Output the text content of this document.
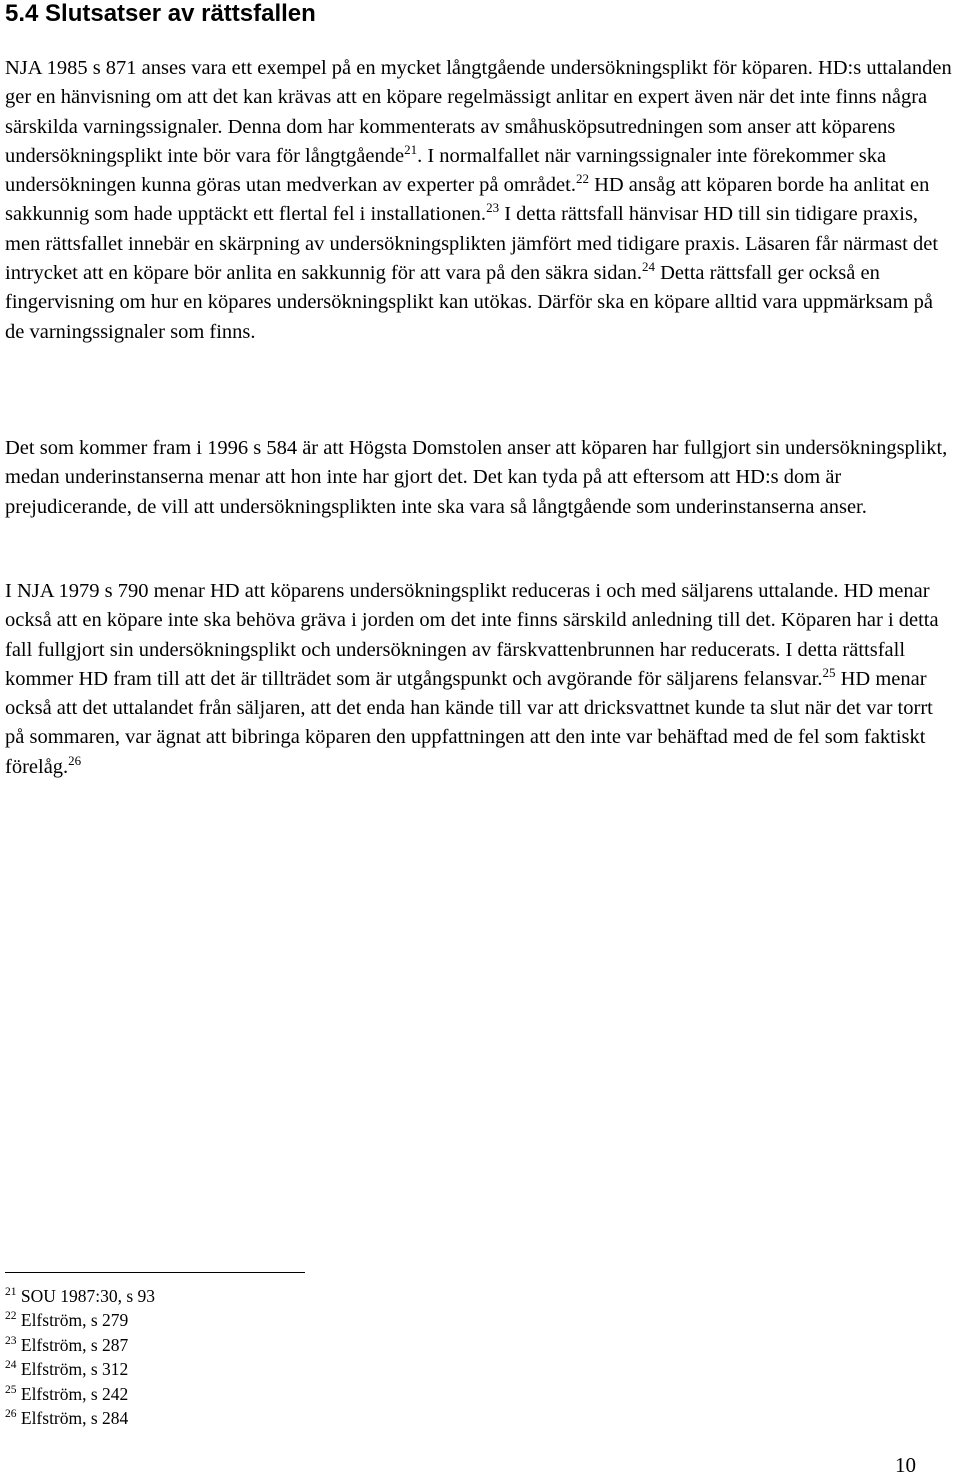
5.4 Slutsatser av rättsfallen

NJA 1985 s 871 anses vara ett exempel på en mycket långtgående undersökningsplikt för köparen. HD:s uttalanden ger en hänvisning om att det kan krävas att en köpare regelmässigt anlitar en expert även när det inte finns några särskilda varningssignaler. Denna dom har kommenterats av småhusköpsutredningen som anser att köparens undersökningsplikt inte bör vara för långtgående$^{21}$. I normalfallet när varningssignaler inte förekommer ska undersökningen kunna göras utan medverkan av experter på området.$^{22}$ HD ansåg att köparen borde ha anlitat en sakkunnig som hade upptäckt ett flertal fel i installationen.$^{23}$ I detta rättsfall hänvisar HD till sin tidigare praxis, men rättsfallet innebär en skärpning av undersökningsplikten jämfört med tidigare praxis. Läsaren får närmast det intrycket att en köpare bör anlita en sakkunnig för att vara på den säkra sidan.$^{24}$ Detta rättsfall ger också en fingervisning om hur en köpares undersökningsplikt kan utökas. Därför ska en köpare alltid vara uppmärksam på de varningssignaler som finns.

Det som kommer fram i 1996 s 584 är att Högsta Domstolen anser att köparen har fullgjort sin undersökningsplikt, medan underinstanserna menar att hon inte har gjort det. Det kan tyda på att eftersom att HD:s dom är prejudicerande, de vill att undersökningsplikten inte ska vara så långtgående som underinstanserna anser.

I NJA 1979 s 790 menar HD att köparens undersökningsplikt reduceras i och med säljarens uttalande. HD menar också att en köpare inte ska behöva gräva i jorden om det inte finns särskild anledning till det. Köparen har i detta fall fullgjort sin undersökningsplikt och undersökningen av färskvattenbrunnen har reducerats. I detta rättsfall kommer HD fram till att det är tillträdet som är utgångspunkt och avgörande för säljarens felansvar.$^{25}$ HD menar också att det uttalandet från säljaren, att det enda han kände till var att dricksvattnet kunde ta slut när det var torrt på sommaren, var ägnat att bibringa köparen den uppfattningen att den inte var behäftad med de fel som faktiskt förelåg.$^{26}$

$^{21}$ SOU 1987:30, s 93
$^{22}$ Elfström, s 279
$^{23}$ Elfström, s 287
$^{24}$ Elfström, s 312
$^{25}$ Elfström, s 242
$^{26}$ Elfström, s 284
10
